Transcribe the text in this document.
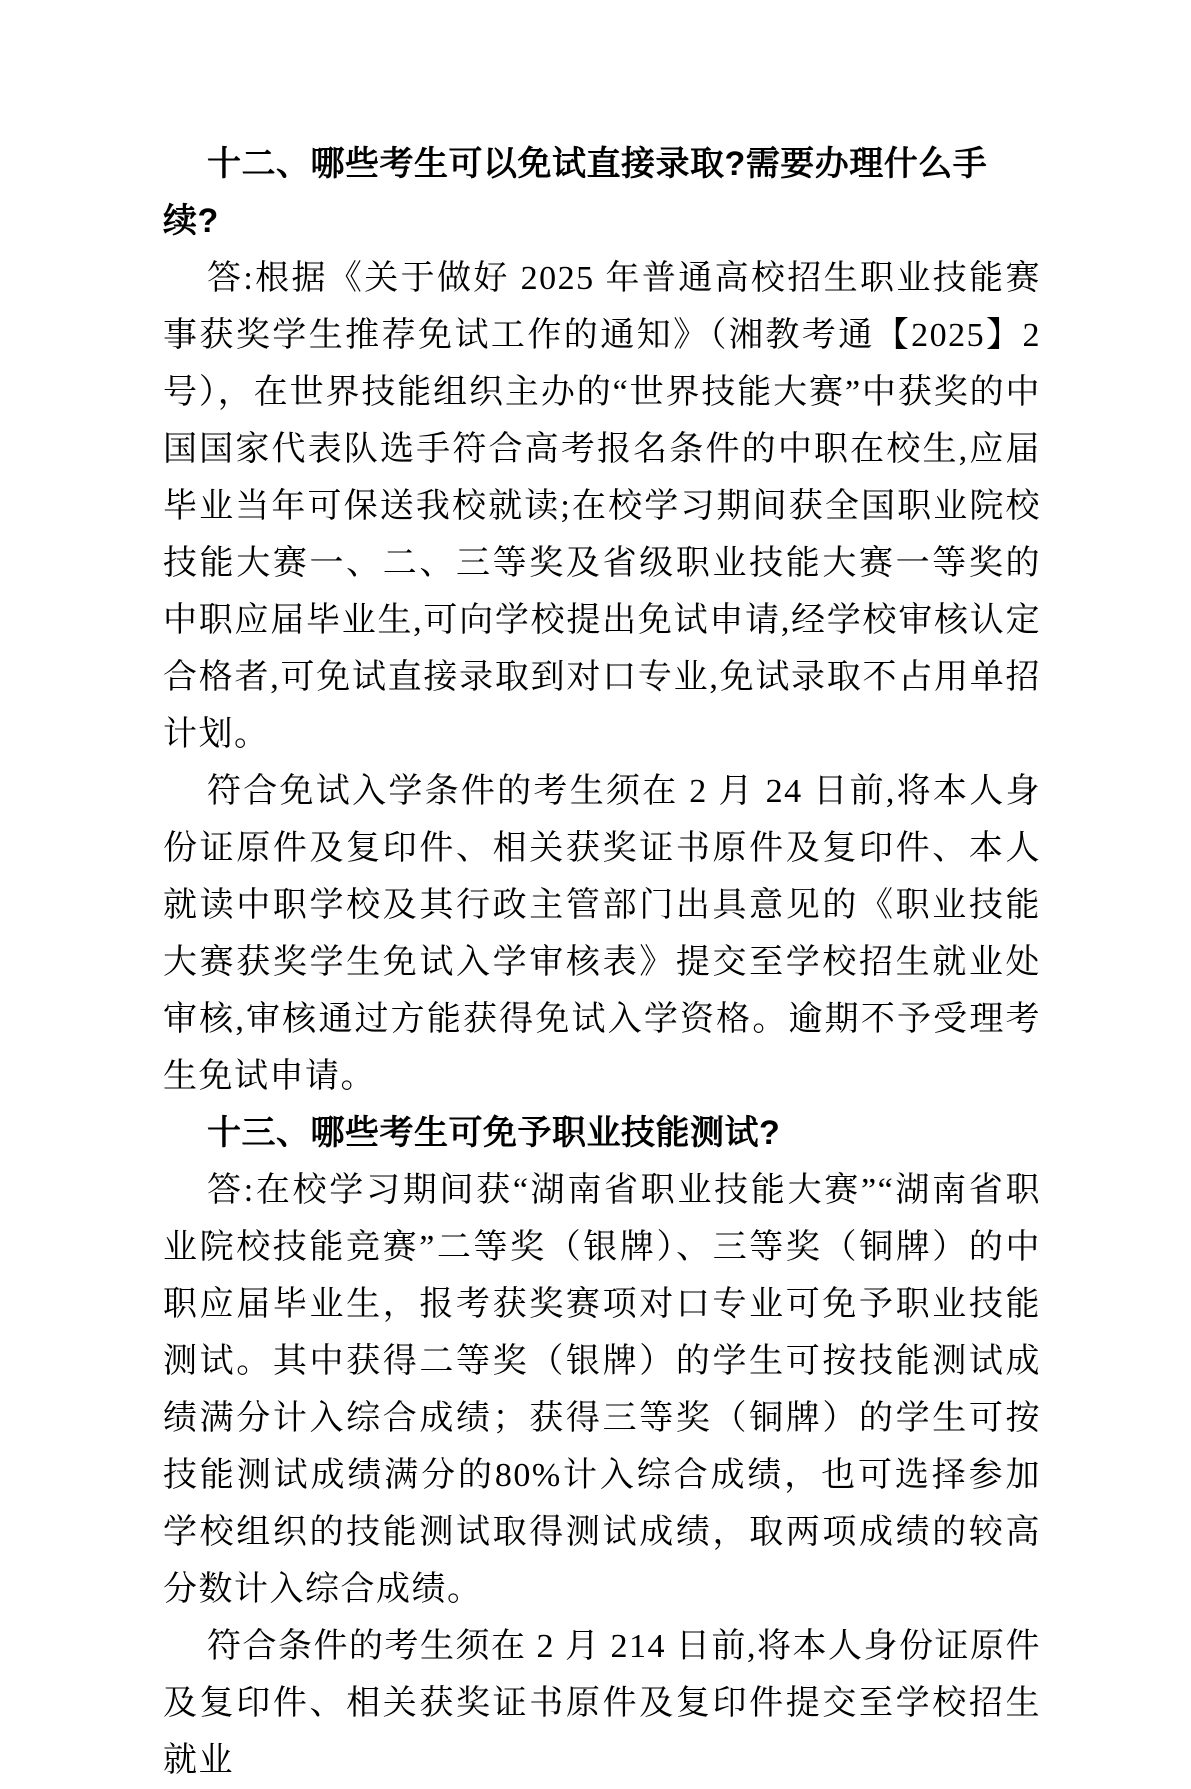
十二、哪些考生可以免试直接录取?需要办理什么手续?

答:根据《关于做好 2025 年普通高校招生职业技能赛事获奖学生推荐免试工作的通知》（湘教考通【2025】2 号），在世界技能组织主办的“世界技能大赛”中获奖的中国国家代表队选手符合高考报名条件的中职在校生,应届毕业当年可保送我校就读;在校学习期间获全国职业院校技能大赛一、二、三等奖及省级职业技能大赛一等奖的中职应届毕业生,可向学校提出免试申请,经学校审核认定合格者,可免试直接录取到对口专业,免试录取不占用单招计划。

符合免试入学条件的考生须在 2 月 24 日前,将本人身份证原件及复印件、相关获奖证书原件及复印件、本人就读中职学校及其行政主管部门出具意见的《职业技能大赛获奖学生免试入学审核表》提交至学校招生就业处审核,审核通过方能获得免试入学资格。逾期不予受理考生免试申请。

十三、哪些考生可免予职业技能测试?

答:在校学习期间获“湖南省职业技能大赛”“湖南省职业院校技能竞赛”二等奖（银牌）、三等奖（铜牌）的中职应届毕业生，报考获奖赛项对口专业可免予职业技能测试。其中获得二等奖（银牌）的学生可按技能测试成绩满分计入综合成绩；获得三等奖（铜牌）的学生可按技能测试成绩满分的80%计入综合成绩，也可选择参加学校组织的技能测试取得测试成绩，取两项成绩的较高分数计入综合成绩。

符合条件的考生须在 2 月 214 日前,将本人身份证原件及复印件、相关获奖证书原件及复印件提交至学校招生就业
